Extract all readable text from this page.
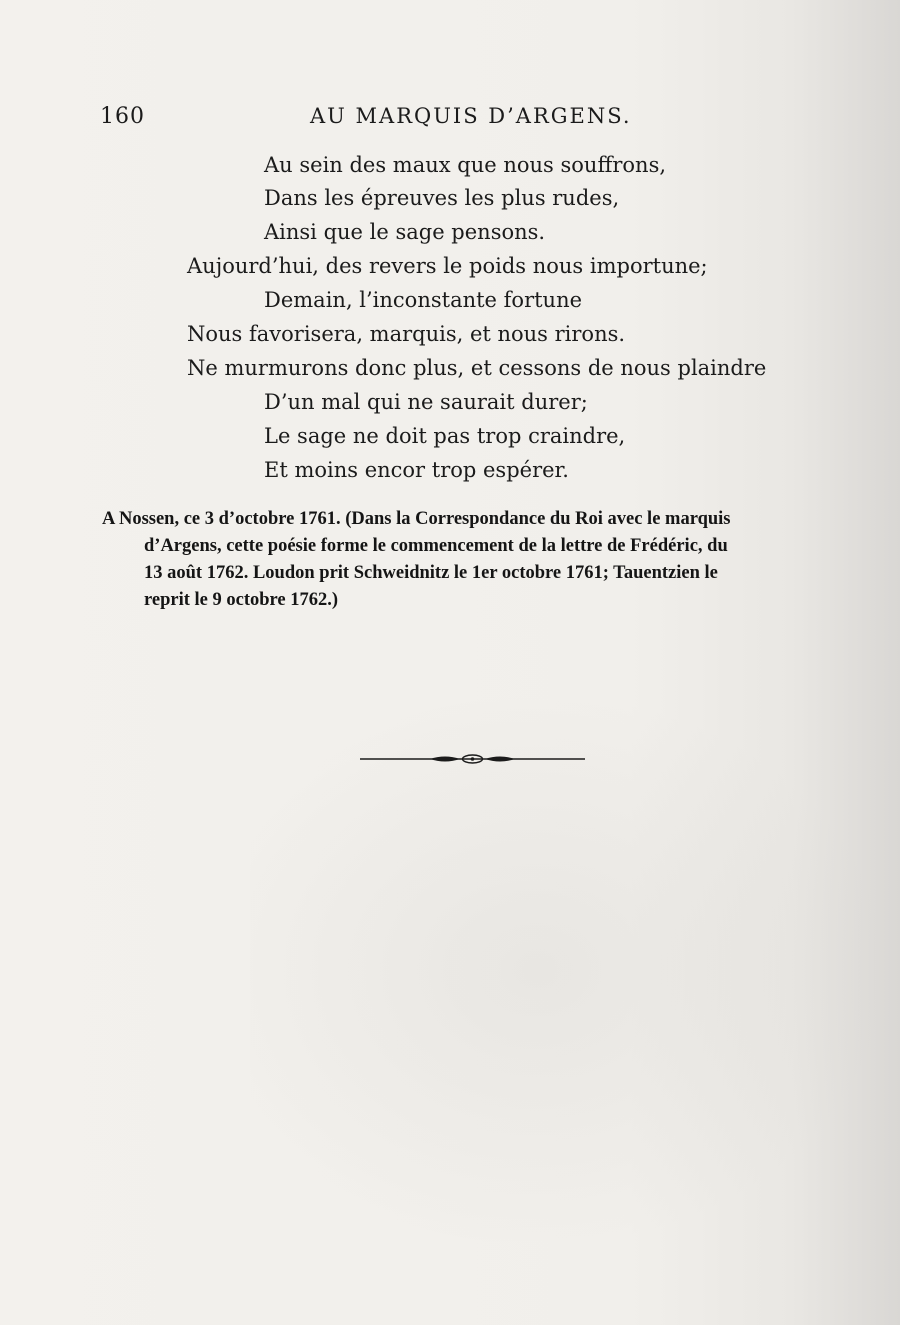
160	AU MARQUIS D’ARGENS.
Au sein des maux que nous souffrons,
Dans les épreuves les plus rudes,
Ainsi que le sage pensons.
Aujourd’hui, des revers le poids nous importune;
Demain, l’inconstante fortune
Nous favorisera, marquis, et nous rirons.
Ne murmurons donc plus, et cessons de nous plaindre
D’un mal qui ne saurait durer;
Le sage ne doit pas trop craindre,
Et moins encor trop espérer.
A Nossen, ce 3 d’octobre 1761. (Dans la Correspondance du Roi avec le marquis
d’Argens, cette poésie forme le commencement de la lettre de Frédéric, du
13 août 1762. Loudon prit Schweidnitz le 1er octobre 1761; Tauentzien le
reprit le 9 octobre 1762.)
